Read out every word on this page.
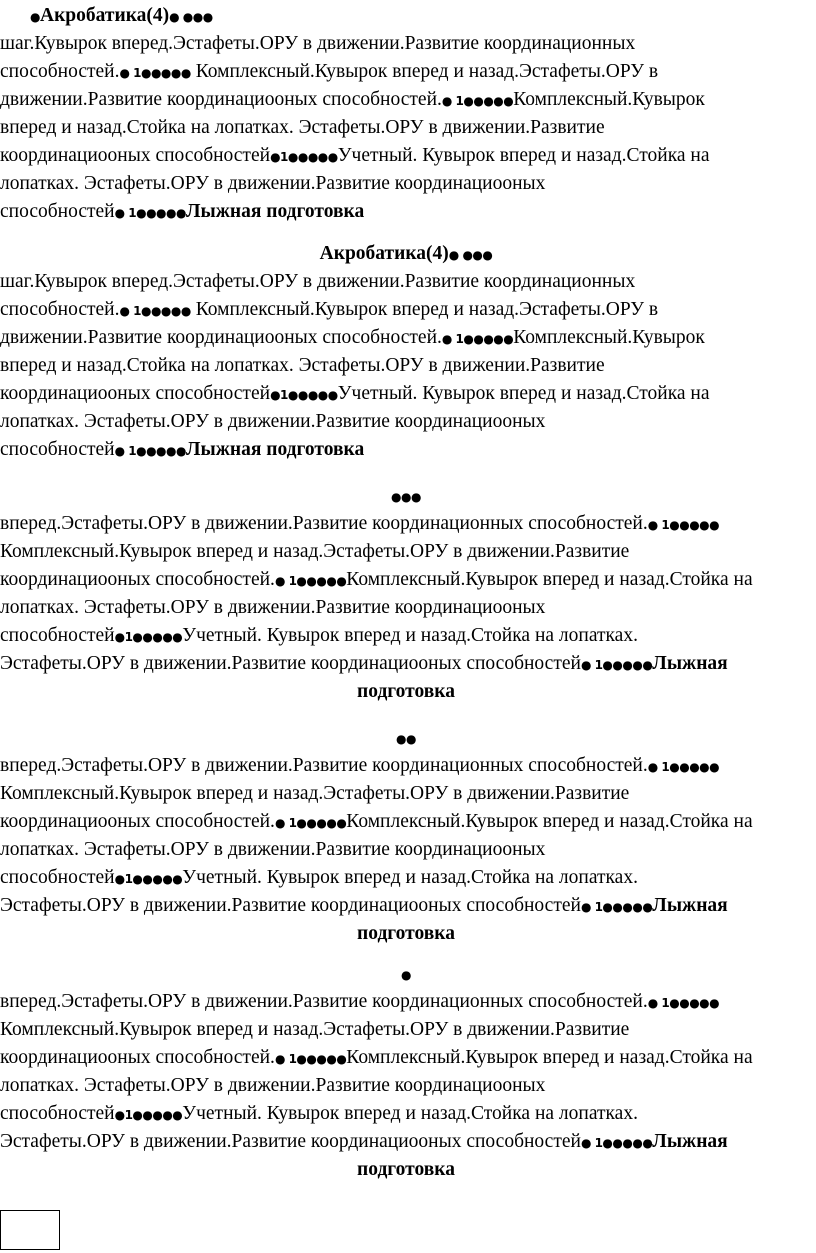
●Акробатика(4)● ●●●
шаг.Кувырок вперед.Эстафеты.ОРУ в движении.Развитие координационных
способностей.● 1●●●●● Комплексный.Кувырок вперед и назад.Эстафеты.ОРУ в
движении.Развитие координациооных способностей.● 1●●●●●Комплексный.Кувырок
вперед и назад.Стойка на лопатках. Эстафеты.ОРУ в движении.Развитие
координациооных способностей●1●●●●●Учетный. Кувырок вперед и назад.Стойка на
лопатках. Эстафеты.ОРУ в движении.Развитие координациооных
способностей● 1●●●●●Лыжная подготовка
Акробатика(4)● ●●●
шаг.Кувырок вперед.Эстафеты.ОРУ в движении.Развитие координационных
способностей.● 1●●●●● Комплексный.Кувырок вперед и назад.Эстафеты.ОРУ в
движении.Развитие координациооных способностей.● 1●●●●●Комплексный.Кувырок
вперед и назад.Стойка на лопатках. Эстафеты.ОРУ в движении.Развитие
координациооных способностей●1●●●●●Учетный. Кувырок вперед и назад.Стойка на
лопатках. Эстафеты.ОРУ в движении.Развитие координациооных
способностей● 1●●●●●Лыжная подготовка
●●●
вперед.Эстафеты.ОРУ в движении.Развитие координационных способностей.● 1●●●●●
Комплексный.Кувырок вперед и назад.Эстафеты.ОРУ в движении.Развитие
координациооных способностей.● 1●●●●●Комплексный.Кувырок вперед и назад.Стойка на
лопатках. Эстафеты.ОРУ в движении.Развитие координациооных
способностей●1●●●●●Учетный. Кувырок вперед и назад.Стойка на лопатках.
Эстафеты.ОРУ в движении.Развитие координациооных способностей● 1●●●●●Лыжная
подготовка
●●
вперед.Эстафеты.ОРУ в движении.Развитие координационных способностей.● 1●●●●●
Комплексный.Кувырок вперед и назад.Эстафеты.ОРУ в движении.Развитие
координациооных способностей.● 1●●●●●Комплексный.Кувырок вперед и назад.Стойка на
лопатках. Эстафеты.ОРУ в движении.Развитие координациооных
способностей●1●●●●●Учетный. Кувырок вперед и назад.Стойка на лопатках.
Эстафеты.ОРУ в движении.Развитие координациооных способностей● 1●●●●●Лыжная
подготовка
●
вперед.Эстафеты.ОРУ в движении.Развитие координационных способностей.● 1●●●●●
Комплексный.Кувырок вперед и назад.Эстафеты.ОРУ в движении.Развитие
координациооных способностей.● 1●●●●●Комплексный.Кувырок вперед и назад.Стойка на
лопатках. Эстафеты.ОРУ в движении.Развитие координациооных
способностей●1●●●●●Учетный. Кувырок вперед и назад.Стойка на лопатках.
Эстафеты.ОРУ в движении.Развитие координациооных способностей● 1●●●●●Лыжная
подготовка
